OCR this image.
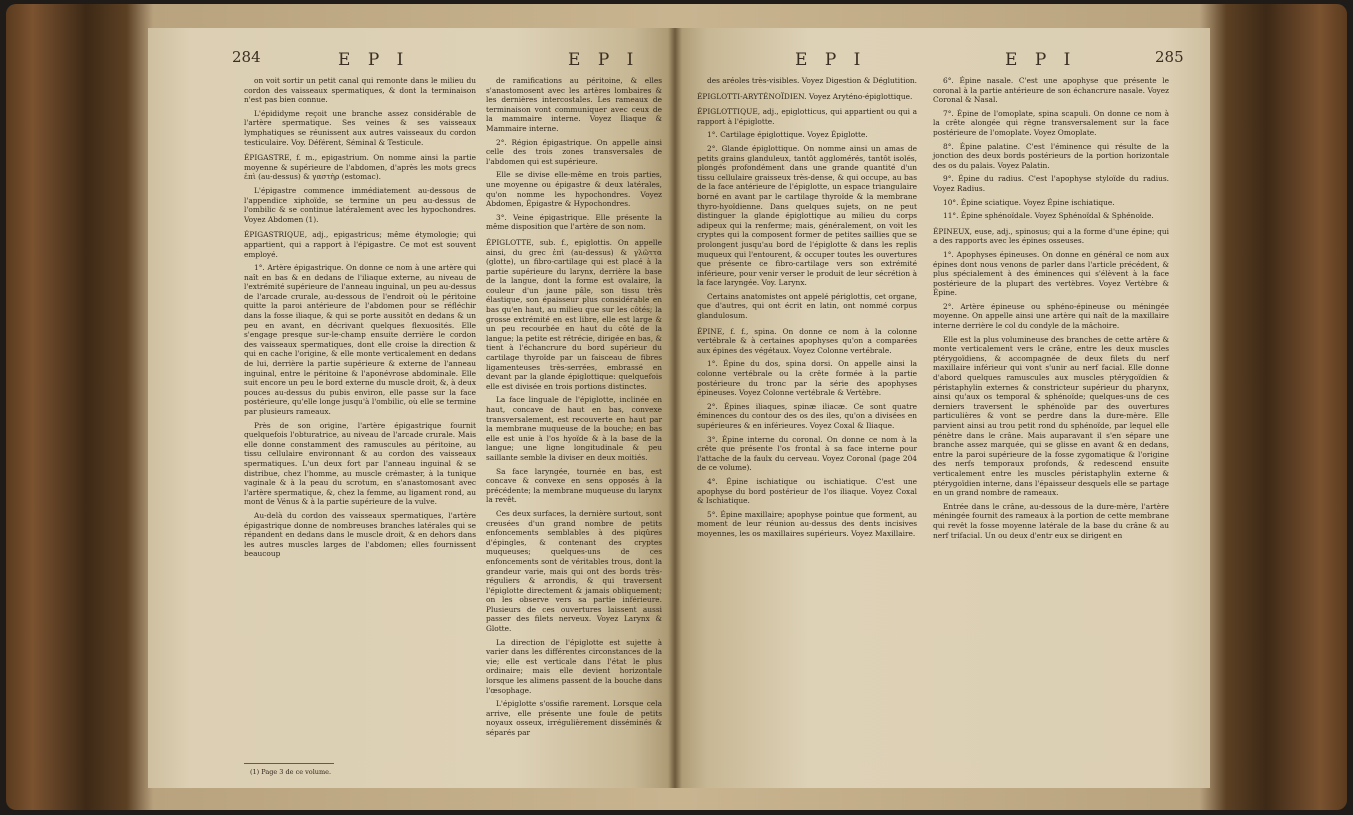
284	E P I	E P I

on voit sortir un petit canal qui remonte dans le milieu du cordon des vaisseaux spermatiques, & dont la terminaison n'est pas bien connue.

L'épididyme reçoit une branche assez considérable de l'artère spermatique. Ses veines & ses vaisseaux lymphatiques se réunissent aux autres vaisseaux du cordon testiculaire. Voy. Déférent, Séminal & Testicule.

ÉPIGASTRE, f. m., epigastrium. On nomme ainsi la partie moyenne & supérieure de l'abdomen, d'après les mots grecs ἐπὶ (au-dessus) & γαστὴρ (estomac).

L'épigastre commence immédiatement au-dessous de l'appendice xiphoïde, se termine un peu au-dessus de l'ombilic & se continue latéralement avec les hypochondres. Voyez Abdomen (1).

ÉPIGASTRIQUE, adj., epigastricus; même étymologie; qui appartient, qui a rapport à l'épigastre. Ce mot est souvent employé.

1°. Artère épigastrique. On donne ce nom à une artère qui naît en bas & en dedans de l'iliaque externe, au niveau de l'extrémité supérieure de l'anneau inguinal, un peu au-dessus de l'arcade crurale, au-dessous de l'endroit où le péritoine quitte la paroi antérieure de l'abdomen pour se réfléchir dans la fosse iliaque, & qui se porte aussitôt en dedans & un peu en avant, en décrivant quelques flexuosités. Elle s'engage presque sur-le-champ ensuite derrière le cordon des vaisseaux spermatiques, dont elle croise la direction & qui en cache l'origine, & elle monte verticalement en dedans de lui, derrière la partie supérieure & externe de l'anneau inguinal, entre le péritoine & l'aponévrose abdominale. Elle suit encore un peu le bord externe du muscle droit, &, à deux pouces au-dessus du pubis environ, elle passe sur la face postérieure, qu'elle longe jusqu'à l'ombilic, où elle se termine par plusieurs rameaux.

Près de son origine, l'artère épigastrique fournit quelquefois l'obturatrice, au niveau de l'arcade crurale. Mais elle donne constamment des ramuscules au péritoine, au tissu cellulaire environnant & au cordon des vaisseaux spermatiques. L'un deux fort par l'anneau inguinal & se distribue, chez l'homme, au muscle crémaster, à la tunique vaginale & à la peau du scrotum, en s'anastomosant avec l'artère spermatique, &, chez la femme, au ligament rond, au mont de Vénus & à la partie supérieure de la vulve.

Au-delà du cordon des vaisseaux spermatiques, l'artère épigastrique donne de nombreuses branches latérales qui se répandent en dedans dans le muscle droit, & en dehors dans les autres muscles larges de l'abdomen; elles fournissent beaucoup

(1) Page 3 de ce volume.

de ramifications au péritoine, & elles s'anastomosent avec les artères lombaires & les dernières intercostales. Les rameaux de terminaison vont communiquer avec ceux de la mammaire interne. Voyez Iliaque & Mammaire interne.

2°. Région épigastrique. On appelle ainsi celle des trois zones transversales de l'abdomen qui est supérieure.

Elle se divise elle-même en trois parties, une moyenne ou épigastre & deux latérales, qu'on nomme les hypochondres. Voyez Abdomen, Épigastre & Hypochondres.

3°. Veine épigastrique. Elle présente la même disposition que l'artère de son nom.

ÉPIGLOTTE, sub. f., epiglottis. On appelle ainsi, du grec ἐπὶ (au-dessus) & γλῶττα (glotte), un fibro-cartilage qui est placé à la partie supérieure du larynx, derrière la base de la langue, dont la forme est ovalaire, la couleur d'un jaune pâle, son tissu très élastique, son épaisseur plus considérable en bas qu'en haut, au milieu que sur les côtés; la grosse extrémité en est libre, elle est large & un peu recourbée en haut du côté de la langue; la petite est rétrécie, dirigée en bas, & tient à l'échancrure du bord supérieur du cartilage thyroïde par un faisceau de fibres ligamenteuses très-serrées, embrassé en devant par la glande épiglottique: quelquefois elle est divisée en trois portions distinctes.

La face linguale de l'épiglotte, inclinée en haut, concave de haut en bas, convexe transversalement, est recouverte en haut par la membrane muqueuse de la bouche; en bas elle est unie à l'os hyoïde & à la base de la langue; une ligne longitudinale & peu saillante semble la diviser en deux moitiés.

Sa face laryngée, tournée en bas, est concave & convexe en sens opposés à la précédente; la membrane muqueuse du larynx la revêt.

Ces deux surfaces, la dernière surtout, sont creusées d'un grand nombre de petits enfoncements semblables à des piqûres d'épingles, & contenant des cryptes muqueuses; quelques-uns de ces enfoncements sont de véritables trous, dont la grandeur varie, mais qui ont des bords très-réguliers & arrondis, & qui traversent l'épiglotte directement & jamais obliquement; on les observe vers sa partie inférieure. Plusieurs de ces ouvertures laissent aussi passer des filets nerveux. Voyez Larynx & Glotte.

La direction de l'épiglotte est sujette à varier dans les différentes circonstances de la vie; elle est verticale dans l'état le plus ordinaire; mais elle devient horizontale lorsque les alimens passent de la bouche dans l'œsophage.

L'épiglotte s'ossifie rarement. Lorsque cela arrive, elle présente une foule de petits noyaux osseux, irrégulièrement disséminés & séparés par

E P I	E P I	285

des aréoles très-visibles. Voyez Digestion & Déglutition.

ÉPIGLOTTI-ARYTÉNOÏDIEN. Voyez Aryténo-épiglottique.

ÉPIGLOTTIQUE, adj., epiglotticus, qui appartient ou qui a rapport à l'épiglotte.

1°. Cartilage épiglottique. Voyez Épiglotte.

2°. Glande épiglottique. On nomme ainsi un amas de petits grains glanduleux, tantôt agglomérés, tantôt isolés, plongés profondément dans une grande quantité d'un tissu cellulaire graisseux très-dense, & qui occupe, au bas de la face antérieure de l'épiglotte, un espace triangulaire borné en avant par le cartilage thyroïde & la membrane thyro-hyoïdienne. Dans quelques sujets, on ne peut distinguer la glande épiglottique au milieu du corps adipeux qui la renferme; mais, généralement, on voit les cryptes qui la composent former de petites saillies que se prolongent jusqu'au bord de l'épiglotte & dans les replis muqueux qui l'entourent, & occuper toutes les ouvertures que présente ce fibro-cartilage vers son extrémité inférieure, pour venir verser le produit de leur sécrétion à la face laryngée. Voy. Larynx.

Certains anatomistes ont appelé périglottis, cet organe, que d'autres, qui ont écrit en latin, ont nommé corpus glandulosum.

ÉPINE, f. f., spina. On donne ce nom à la colonne vertébrale & à certaines apophyses qu'on a comparées aux épines des végétaux. Voyez Colonne vertébrale.

1°. Épine du dos, spina dorsi. On appelle ainsi la colonne vertébrale ou la crête formée à la partie postérieure du tronc par la série des apophyses épineuses. Voyez Colonne vertébrale & Vertèbre.

2°. Épines iliaques, spinæ iliacæ. Ce sont quatre éminences du contour des os des iles, qu'on a divisées en supérieures & en inférieures. Voyez Coxal & Iliaque.

3°. Épine interne du coronal. On donne ce nom à la crête que présente l'os frontal à sa face interne pour l'attache de la faulx du cerveau. Voyez Coronal (page 204 de ce volume).

4°. Épine ischiatique ou ischiatique. C'est une apophyse du bord postérieur de l'os iliaque. Voyez Coxal & Ischiatique.

5°. Épine maxillaire; apophyse pointue que forment, au moment de leur réunion au-dessus des dents incisives moyennes, les os maxillaires supérieurs. Voyez Maxillaire.

6°. Épine nasale. C'est une apophyse que présente le coronal à la partie antérieure de son échancrure nasale. Voyez Coronal & Nasal.

7°. Épine de l'omoplate, spina scapuli. On donne ce nom à la crête alongée qui règne transversalement sur la face postérieure de l'omoplate. Voyez Omoplate.

8°. Épine palatine. C'est l'éminence qui résulte de la jonction des deux bords postérieurs de la portion horizontale des os du palais. Voyez Palatin.

9°. Épine du radius. C'est l'apophyse styloïde du radius. Voyez Radius.

10°. Épine sciatique. Voyez Épine ischiatique.

11°. Épine sphénoïdale. Voyez Sphénoïdal & Sphénoïde.

ÉPINEUX, euse, adj., spinosus; qui a la forme d'une épine; qui a des rapports avec les épines osseuses.

1°. Apophyses épineuses. On donne en général ce nom aux épines dont nous venons de parler dans l'article précédent, & plus spécialement à des éminences qui s'élèvent à la face postérieure de la plupart des vertèbres. Voyez Vertèbre & Épine.

2°. Artère épineuse ou sphéno-épineuse ou méningée moyenne. On appelle ainsi une artère qui naît de la maxillaire interne derrière le col du condyle de la mâchoire.

Elle est la plus volumineuse des branches de cette artère & monte verticalement vers le crâne, entre les deux muscles ptérygoïdiens, & accompagnée de deux filets du nerf maxillaire inférieur qui vont s'unir au nerf facial. Elle donne d'abord quelques ramuscules aux muscles ptérygoïdien & péristaphylin externes & constricteur supérieur du pharynx, ainsi qu'aux os temporal & sphénoïde; quelques-uns de ces derniers traversent le sphénoïde par des ouvertures particulières & vont se perdre dans la dure-mère. Elle parvient ainsi au trou petit rond du sphénoïde, par lequel elle pénètre dans le crâne. Mais auparavant il s'en sépare une branche assez marquée, qui se glisse en avant & en dedans, entre la paroi supérieure de la fosse zygomatique & l'origine des nerfs temporaux profonds, & redescend ensuite verticalement entre les muscles péristaphylin externe & ptérygoïdien interne, dans l'épaisseur desquels elle se partage en un grand nombre de rameaux.

Entrée dans le crâne, au-dessous de la dure-mère, l'artère méningée fournit des rameaux à la portion de cette membrane qui revêt la fosse moyenne latérale de la base du crâne & au nerf trifacial. Un ou deux d'entr eux se dirigent en
